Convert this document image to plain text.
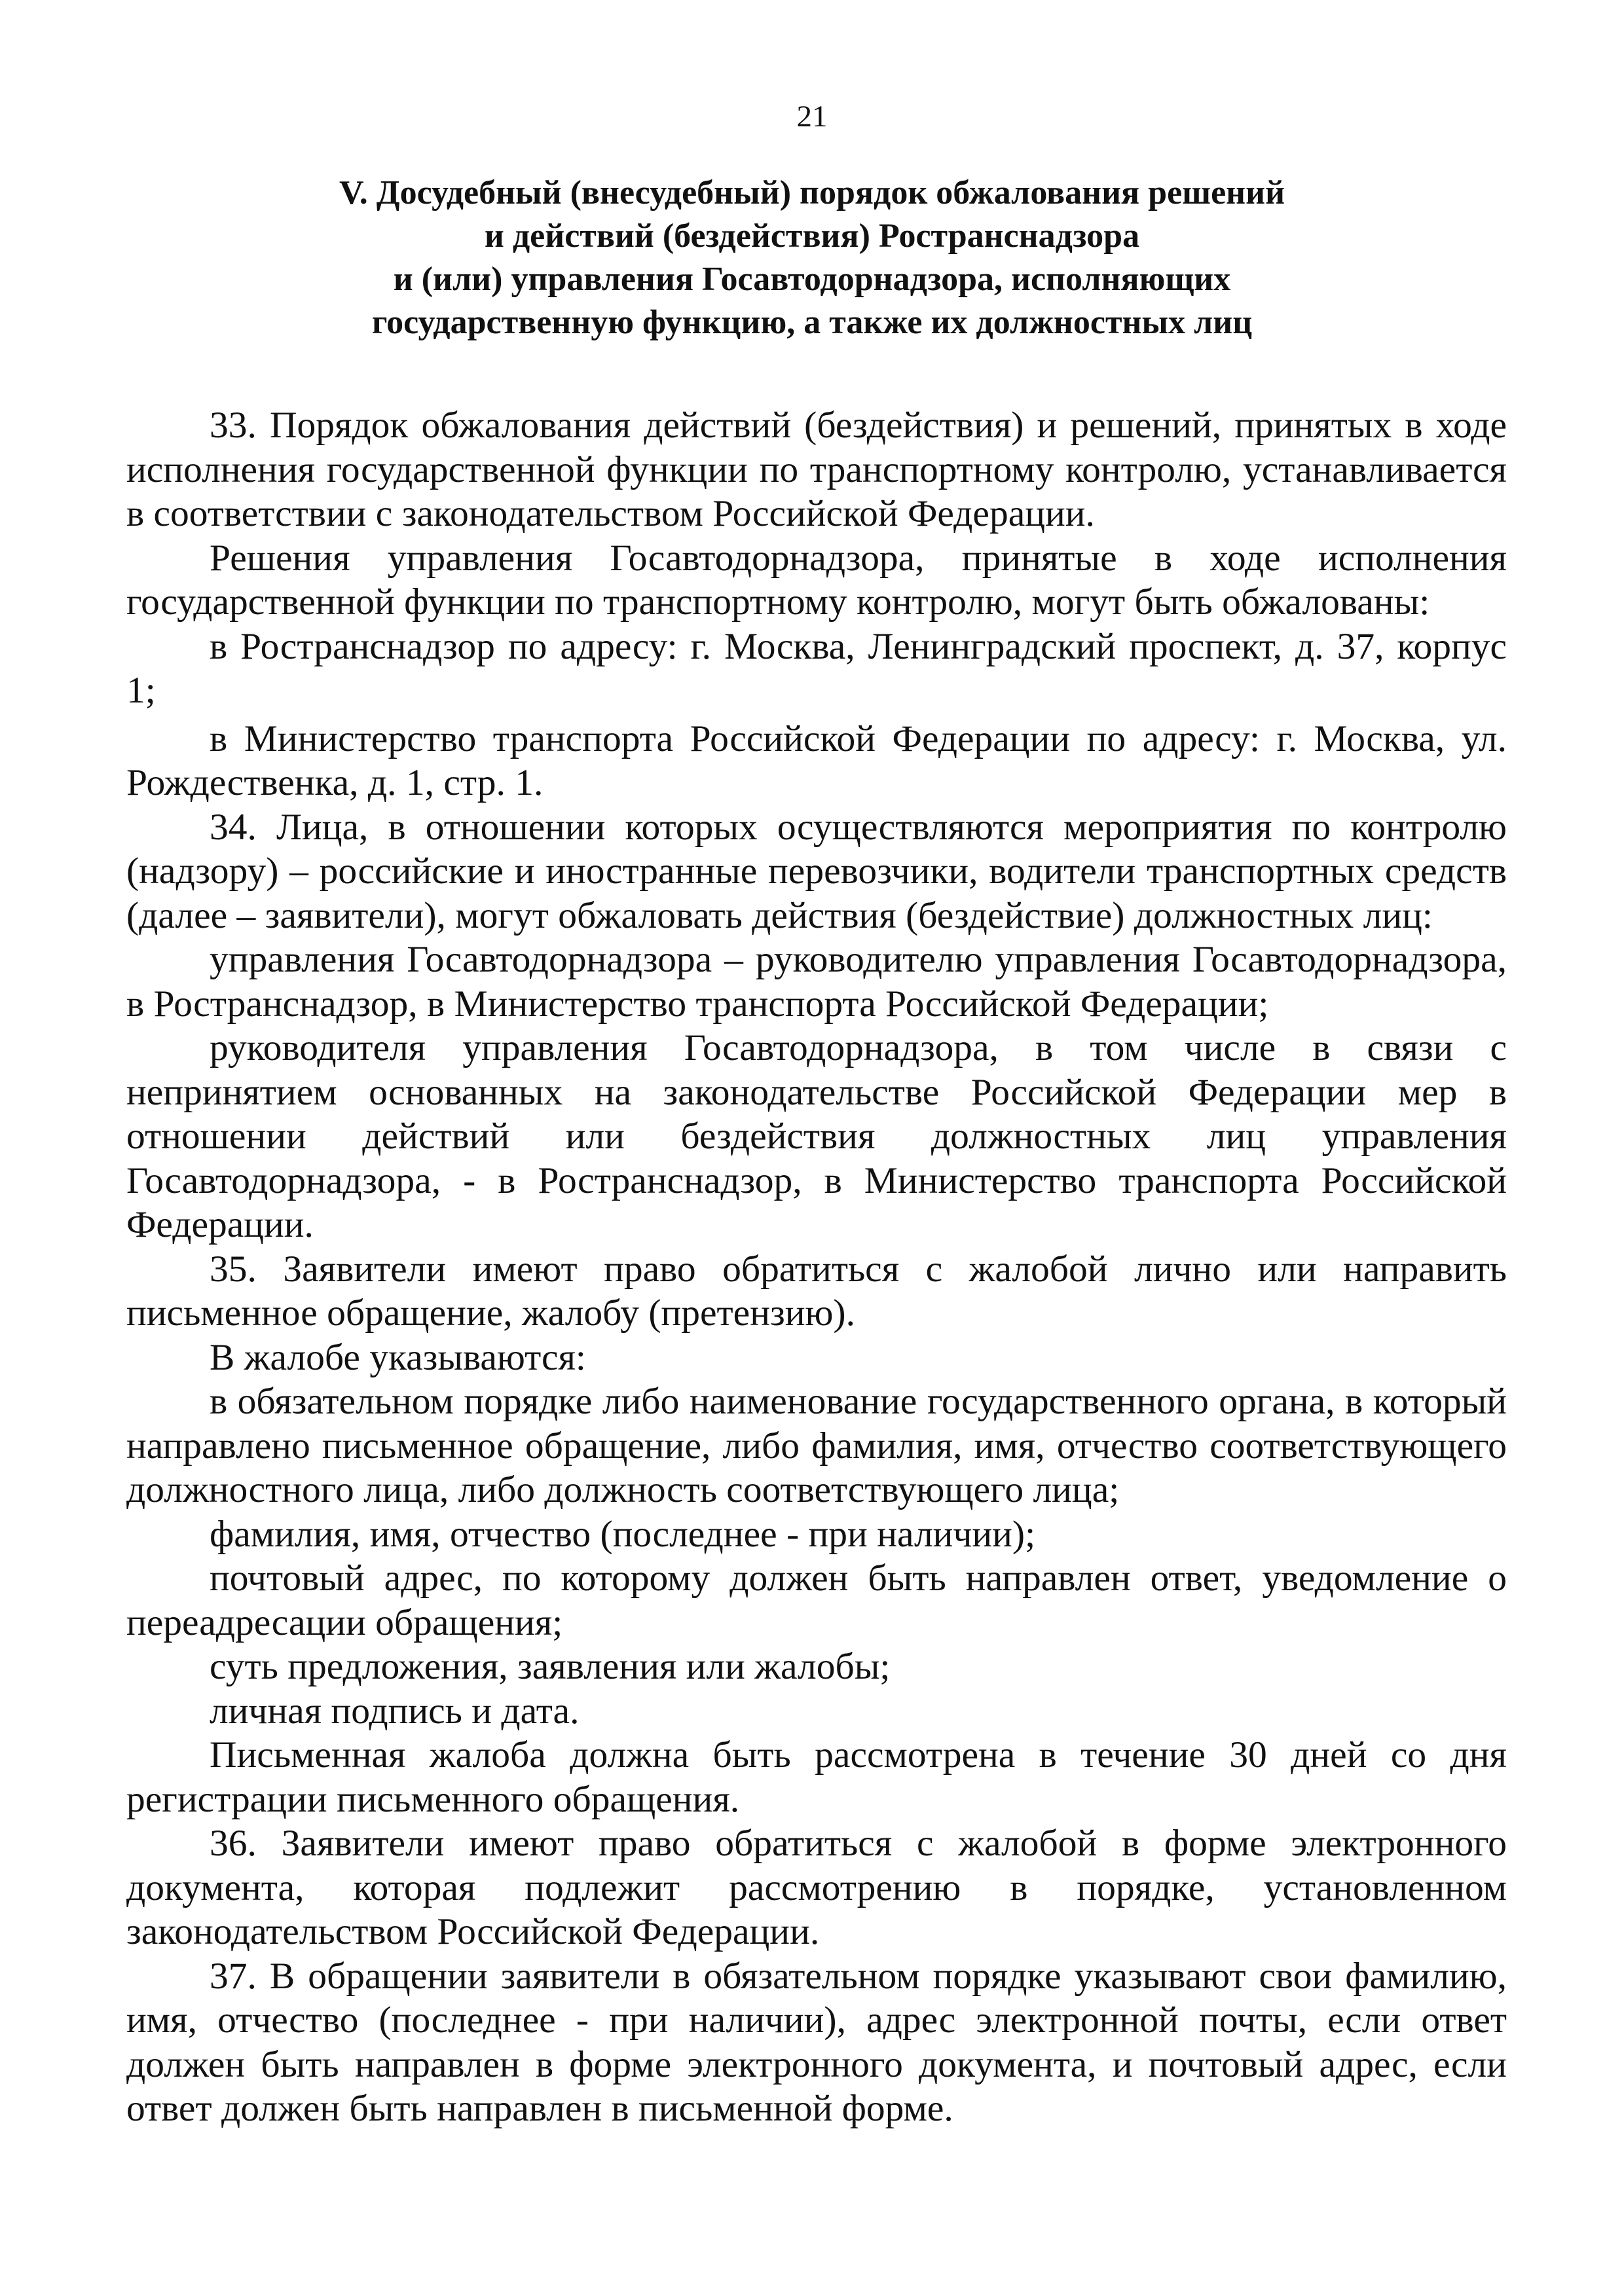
21
V. Досудебный (внесудебный) порядок обжалования решений
и действий (бездействия) Ространснадзора
и (или) управления Госавтодорнадзора, исполняющих
государственную функцию, а также их должностных лиц

33. Порядок обжалования действий (бездействия) и решений, принятых в ходе исполнения государственной функции по транспортному контролю, устанавливается в соответствии с законодательством Российской Федерации.

Решения управления Госавтодорнадзора, принятые в ходе исполнения государственной функции по транспортному контролю, могут быть обжалованы:

в Ространснадзор по адресу: г. Москва, Ленинградский проспект, д. 37, корпус 1;

в Министерство транспорта Российской Федерации по адресу: г. Москва, ул. Рождественка, д. 1, стр. 1.

34. Лица, в отношении которых осуществляются мероприятия по контролю (надзору) – российские и иностранные перевозчики, водители транспортных средств (далее – заявители), могут обжаловать действия (бездействие) должностных лиц:

управления Госавтодорнадзора – руководителю управления Госавтодорнадзора, в Ространснадзор, в Министерство транспорта Российской Федерации;

руководителя управления Госавтодорнадзора, в том числе в связи с непринятием основанных на законодательстве Российской Федерации мер в отношении действий или бездействия должностных лиц управления Госавтодорнадзора, - в Ространснадзор, в Министерство транспорта Российской Федерации.

35. Заявители имеют право обратиться с жалобой лично или направить письменное обращение, жалобу (претензию).

В жалобе указываются:

в обязательном порядке либо наименование государственного органа, в который направлено письменное обращение, либо фамилия, имя, отчество соответствующего должностного лица, либо должность соответствующего лица;

фамилия, имя, отчество (последнее - при наличии);

почтовый адрес, по которому должен быть направлен ответ, уведомление о переадресации обращения;

суть предложения, заявления или жалобы;

личная подпись и дата.

Письменная жалоба должна быть рассмотрена в течение 30 дней со дня регистрации письменного обращения.

36. Заявители имеют право обратиться с жалобой в форме электронного документа, которая подлежит рассмотрению в порядке, установленном законодательством Российской Федерации.

37. В обращении заявители в обязательном порядке указывают свои фамилию, имя, отчество (последнее - при наличии), адрес электронной почты, если ответ должен быть направлен в форме электронного документа, и почтовый адрес, если ответ должен быть направлен в письменной форме.
